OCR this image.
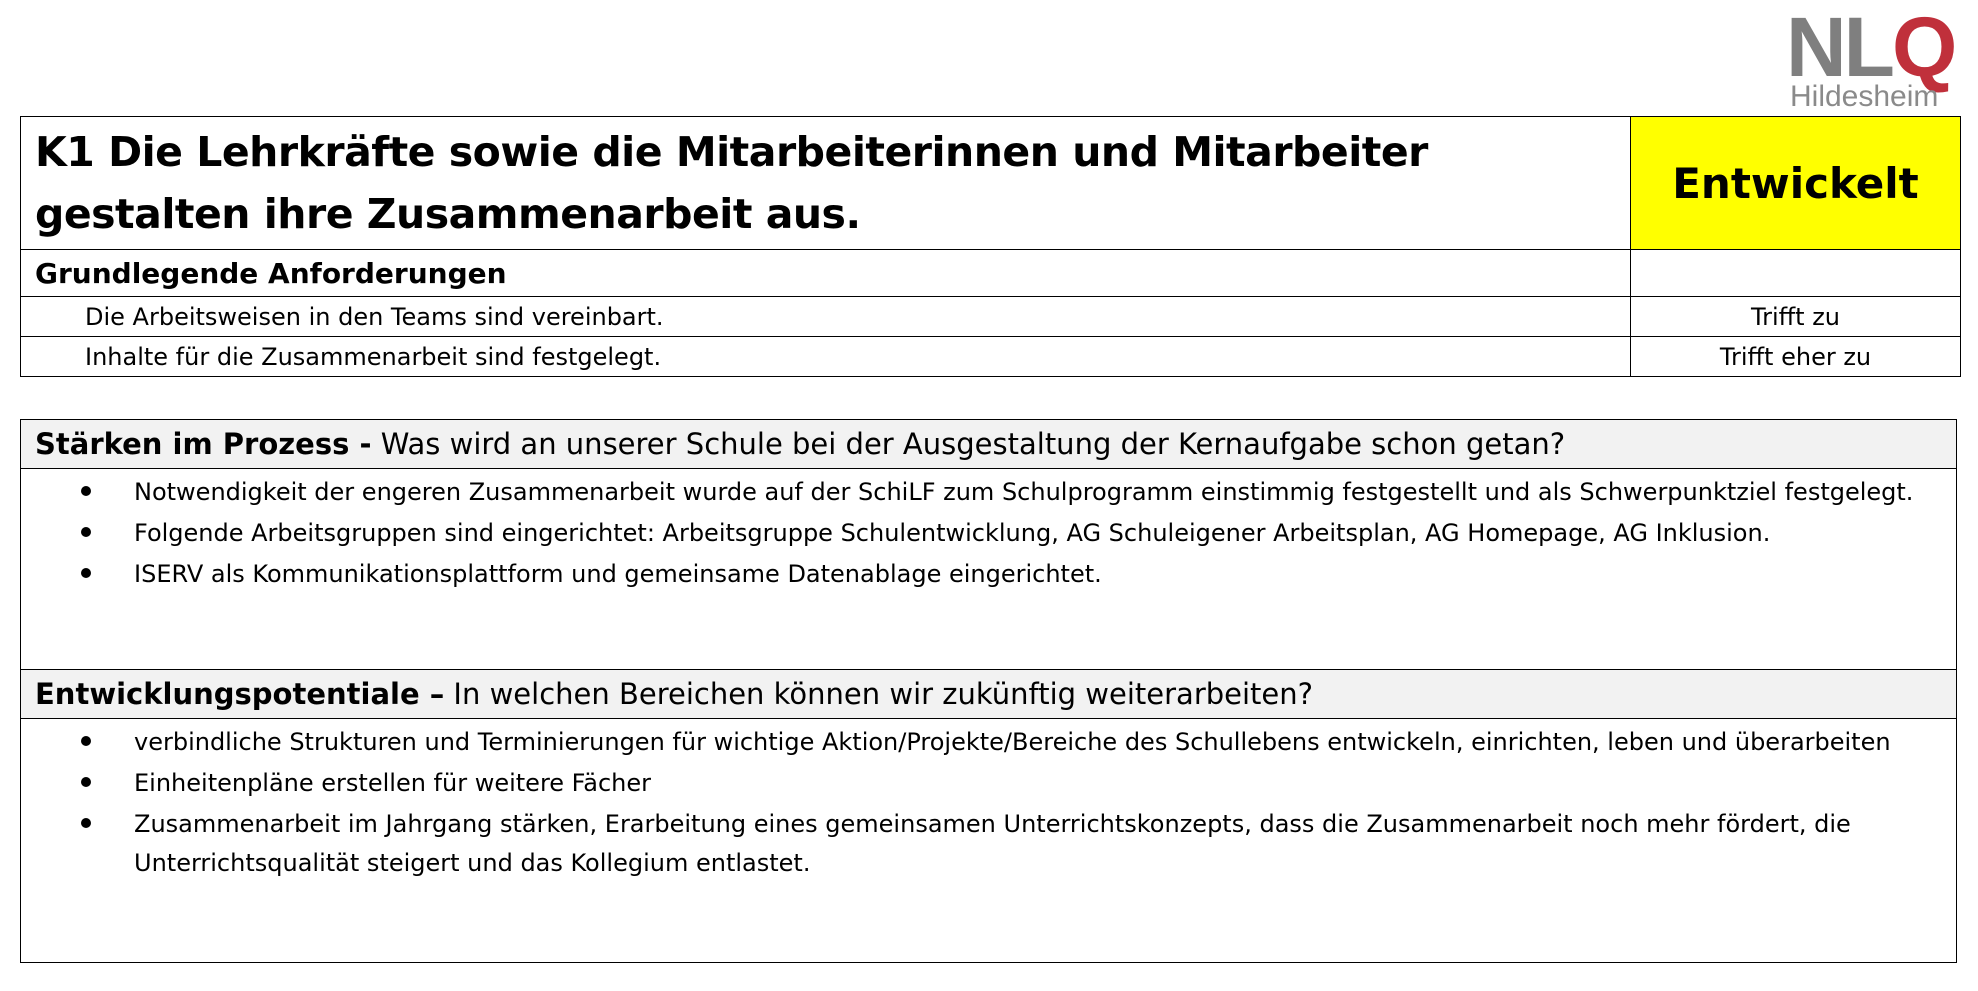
NLQ
Hildesheim
K1 Die Lehrkräfte sowie die Mitarbeiterinnen und Mitarbeiter gestalten ihre Zusammenarbeit aus.	Entwickelt
Grundlegende Anforderungen	
Die Arbeitsweisen in den Teams sind vereinbart.	Trifft zu
Inhalte für die Zusammenarbeit sind festgelegt.	Trifft eher zu
Stärken im Prozess - Was wird an unserer Schule bei der Ausgestaltung der Kernaufgabe schon getan?
Notwendigkeit der engeren Zusammenarbeit wurde auf der SchiLF zum Schulprogramm einstimmig festgestellt und als Schwerpunktziel festgelegt.
Folgende Arbeitsgruppen sind eingerichtet: Arbeitsgruppe Schulentwicklung, AG Schuleigener Arbeitsplan, AG Homepage, AG Inklusion.
ISERV als Kommunikationsplattform und gemeinsame Datenablage eingerichtet.
Entwicklungspotentiale – In welchen Bereichen können wir zukünftig weiterarbeiten?
verbindliche Strukturen und Terminierungen für wichtige Aktion/Projekte/Bereiche des Schullebens entwickeln, einrichten, leben und überarbeiten
Einheitenpläne erstellen für weitere Fächer
Zusammenarbeit im Jahrgang stärken, Erarbeitung eines gemeinsamen Unterrichtskonzepts, dass die Zusammenarbeit noch mehr fördert, die Unterrichtsqualität steigert und das Kollegium entlastet.
